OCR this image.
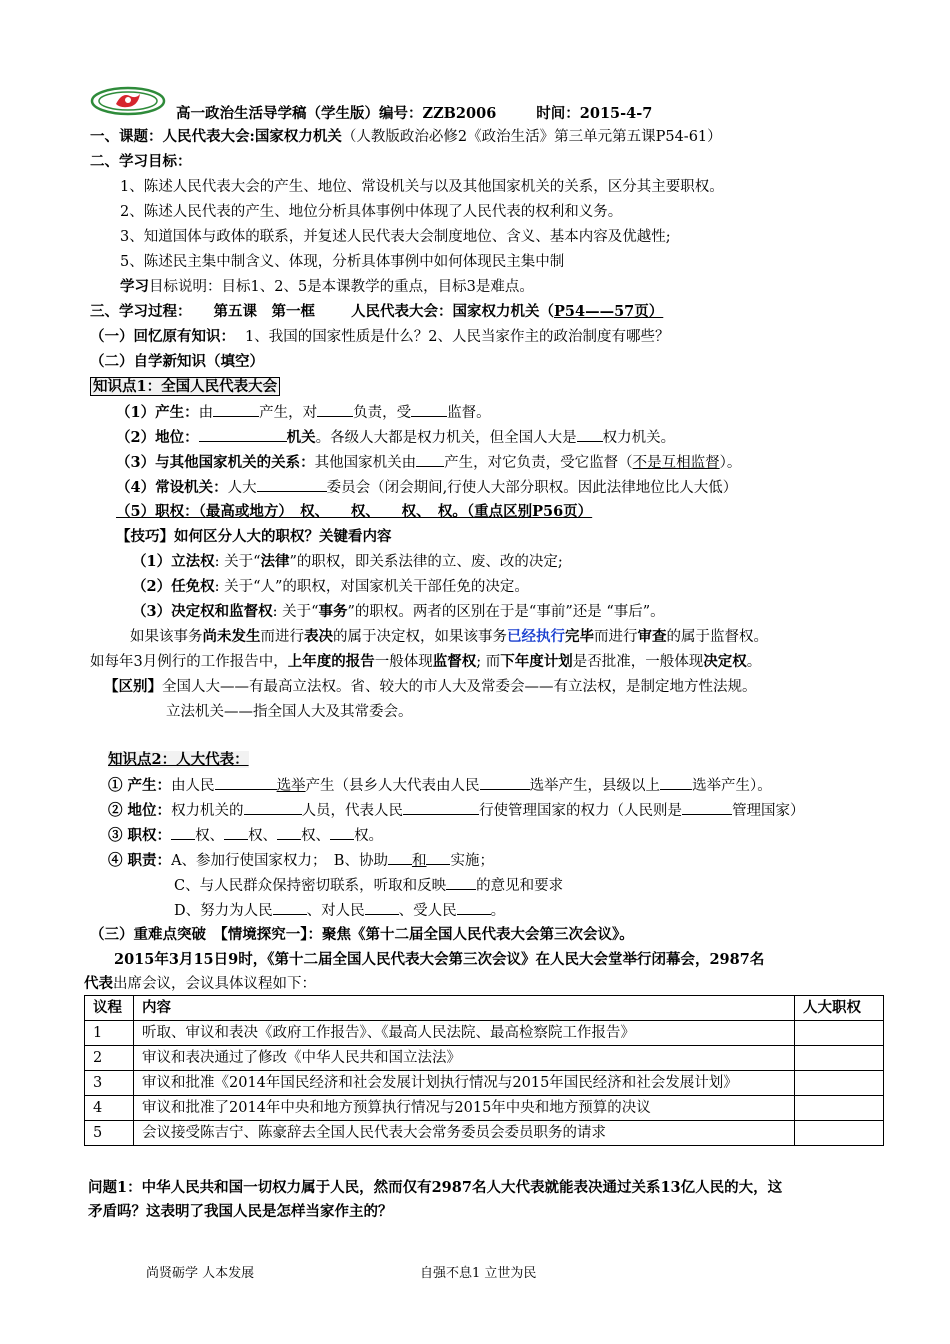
高一政治生活导学稿（学生版）编号：ZZB2006	时间：2015-4-7
一、课题：人民代表大会:国家权力机关（人教版政治必修2《政治生活》第三单元第五课P54-61）
二、学习目标：
1、陈述人民代表大会的产生、地位、常设机关与以及其他国家机关的关系，区分其主要职权。
2、陈述人民代表的产生、地位分析具体事例中体现了人民代表的权利和义务。
3、知道国体与政体的联系，并复述人民代表大会制度地位、含义、基本内容及优越性;
5、陈述民主集中制含义、体现，分析具体事例中如何体现民主集中制
学习目标说明：目标1、2、5是本课教学的重点，目标3是难点。
三、学习过程： 第五课　第一框 人民代表大会：国家权力机关（P54——57页）
（一）回忆原有知识： 1、我国的国家性质是什么？2、人民当家作主的政治制度有哪些？
（二）自学新知识（填空）
知识点1：全国人民代表大会
（1）产生：由	产生，对 负责，受 监督。
（2）地位：	机关。各级人大都是权力机关，但全国人大是 权力机关。
（3）与其他国家机关的关系：其他国家机关由 产生，对它负责，受它监督（不是互相监督）。
（4）常设机关：人大	委员会（闭会期间,行使人大部分职权。因此法律地位比人大低）
（5）职权：（最高或地方）　权、　　权、　　权、　权。（重点区别P56页）
【技巧】如何区分人大的职权？关键看内容
（1）立法权: 关于“法律”的职权，即关系法律的立、废、改的决定;
（2）任免权: 关于“人”的职权，对国家机关干部任免的决定。
（3）决定权和监督权: 关于“事务”的职权。两者的区别在于是“事前”还是 “事后”。
如果该事务尚未发生而进行表决的属于决定权，如果该事务已经执行完毕而进行审查的属于监督权。
如每年3月例行的工作报告中，上年度的报告一般体现监督权; 而下年度计划是否批准，一般体现决定权。
【区别】全国人大——有最高立法权。省、较大的市人大及常委会——有立法权，是制定地方性法规。
立法机关——指全国人大及其常委会。
知识点2：人大代表：
① 产生：由人民	选举产生（县乡人大代表由人民	选举产生，县级以上 选举产生）。
② 地位：权力机关的	人员，代表人民	行使管理国家的权力（人民则是	管理国家）
③ 职权： 权、 权、 权、 权。
④ 职责：A、参加行使国家权力；　B、协助 和 实施；
C、与人民群众保持密切联系，听取和反映 的意见和要求
D、努力为人民 、对人民 、受人民 。
（三）重难点突破　【情境探究一】：聚焦《第十二届全国人民代表大会第三次会议》。
2015年3月15日9时，《第十二届全国人民代表大会第三次会议》在人民大会堂举行闭幕会，2987名
代表出席会议，会议具体议程如下：
议程	内容	人大职权
1	听取、审议和表决《政府工作报告》、《最高人民法院、最高检察院工作报告》	
2	审议和表决通过了修改《中华人民共和国立法法》	
3	审议和批准《2014年国民经济和社会发展计划执行情况与2015年国民经济和社会发展计划》	
4	审议和批准了2014年中央和地方预算执行情况与2015年中央和地方预算的决议	
5	会议接受陈吉宁、陈豪辞去全国人民代表大会常务委员会委员职务的请求	
问题1：中华人民共和国一切权力属于人民，然而仅有2987名人大代表就能表决通过关系13亿人民的大，这
矛盾吗？这表明了我国人民是怎样当家作主的？
尚贤砺学 人本发展	自强不息1 立世为民
